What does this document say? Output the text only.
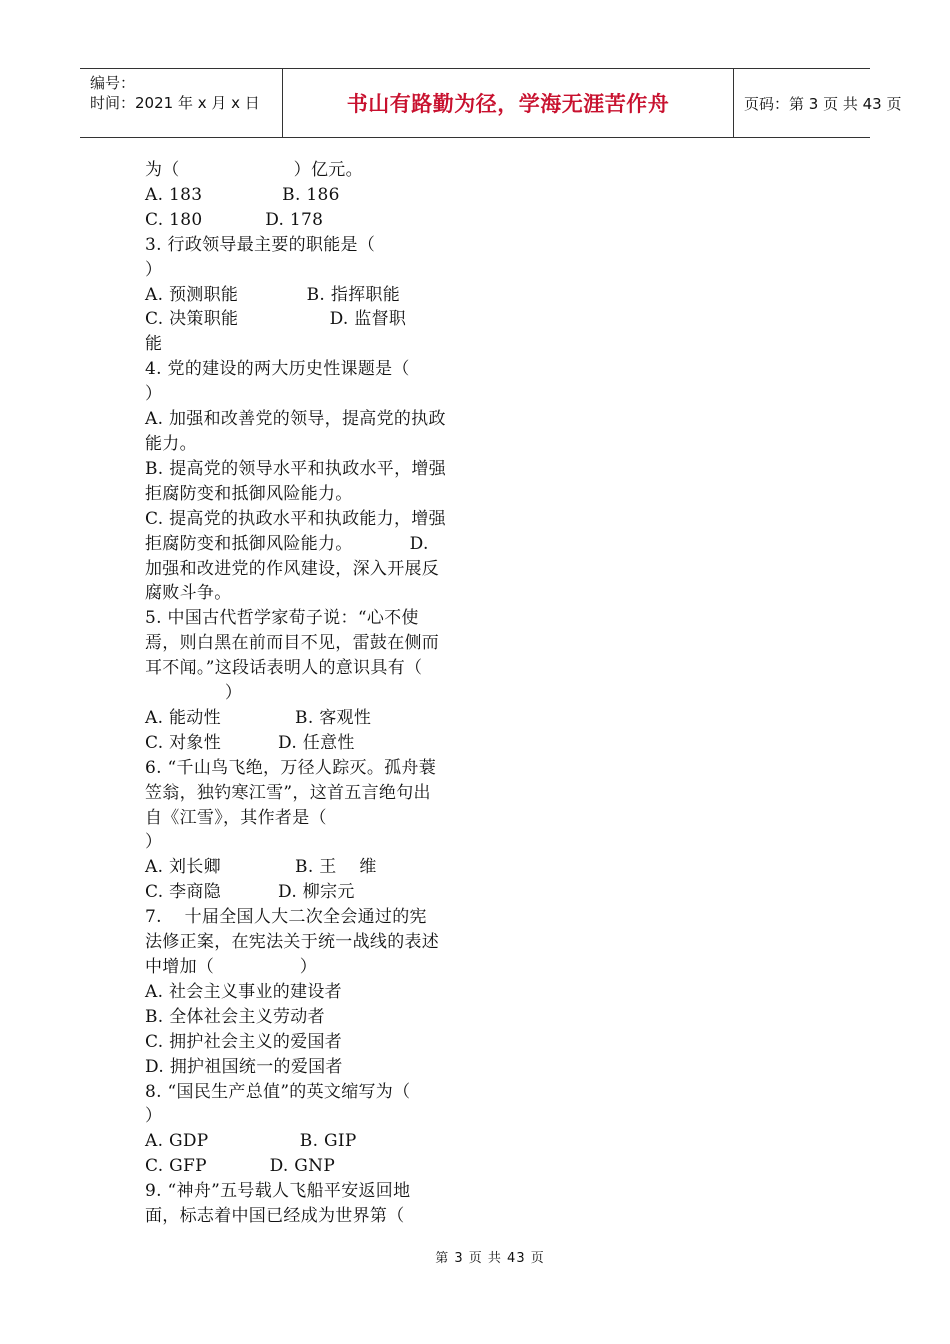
编号：
时间：2021 年 x 月 x 日	书山有路勤为径，学海无涯苦作舟	页码：第 3 页 共 43 页
为（                    ）亿元。
A. 183              B. 186
C. 180           D. 178
3. 行政领导最主要的职能是（
）
A. 预测职能            B. 指挥职能
C. 决策职能                D. 监督职
能
4. 党的建设的两大历史性课题是（
）
A. 加强和改善党的领导，提高党的执政
能力。
B. 提高党的领导水平和执政水平，增强
拒腐防变和抵御风险能力。
C. 提高党的执政水平和执政能力，增强
拒腐防变和抵御风险能力。          D.
加强和改进党的作风建设，深入开展反
腐败斗争。
5. 中国古代哲学家荀子说：“心不使
焉，则白黑在前而目不见，雷鼓在侧而
耳不闻。”这段话表明人的意识具有（
）
A. 能动性             B. 客观性
C. 对象性          D. 任意性
6. “千山鸟飞绝，万径人踪灭。孤舟蓑
笠翁，独钓寒江雪”，这首五言绝句出
自《江雪》，其作者是（
）
A. 刘长卿             B. 王    维
C. 李商隐          D. 柳宗元
7.    十届全国人大二次全会通过的宪
法修正案，在宪法关于统一战线的表述
中增加（               ）
A. 社会主义事业的建设者
B. 全体社会主义劳动者
C. 拥护社会主义的爱国者
D. 拥护祖国统一的爱国者
8. “国民生产总值”的英文缩写为（
）
A. GDP                B. GIP
C. GFP           D. GNP
9. “神舟”五号载人飞船平安返回地
面，标志着中国已经成为世界第（
第 3 页 共 43 页
